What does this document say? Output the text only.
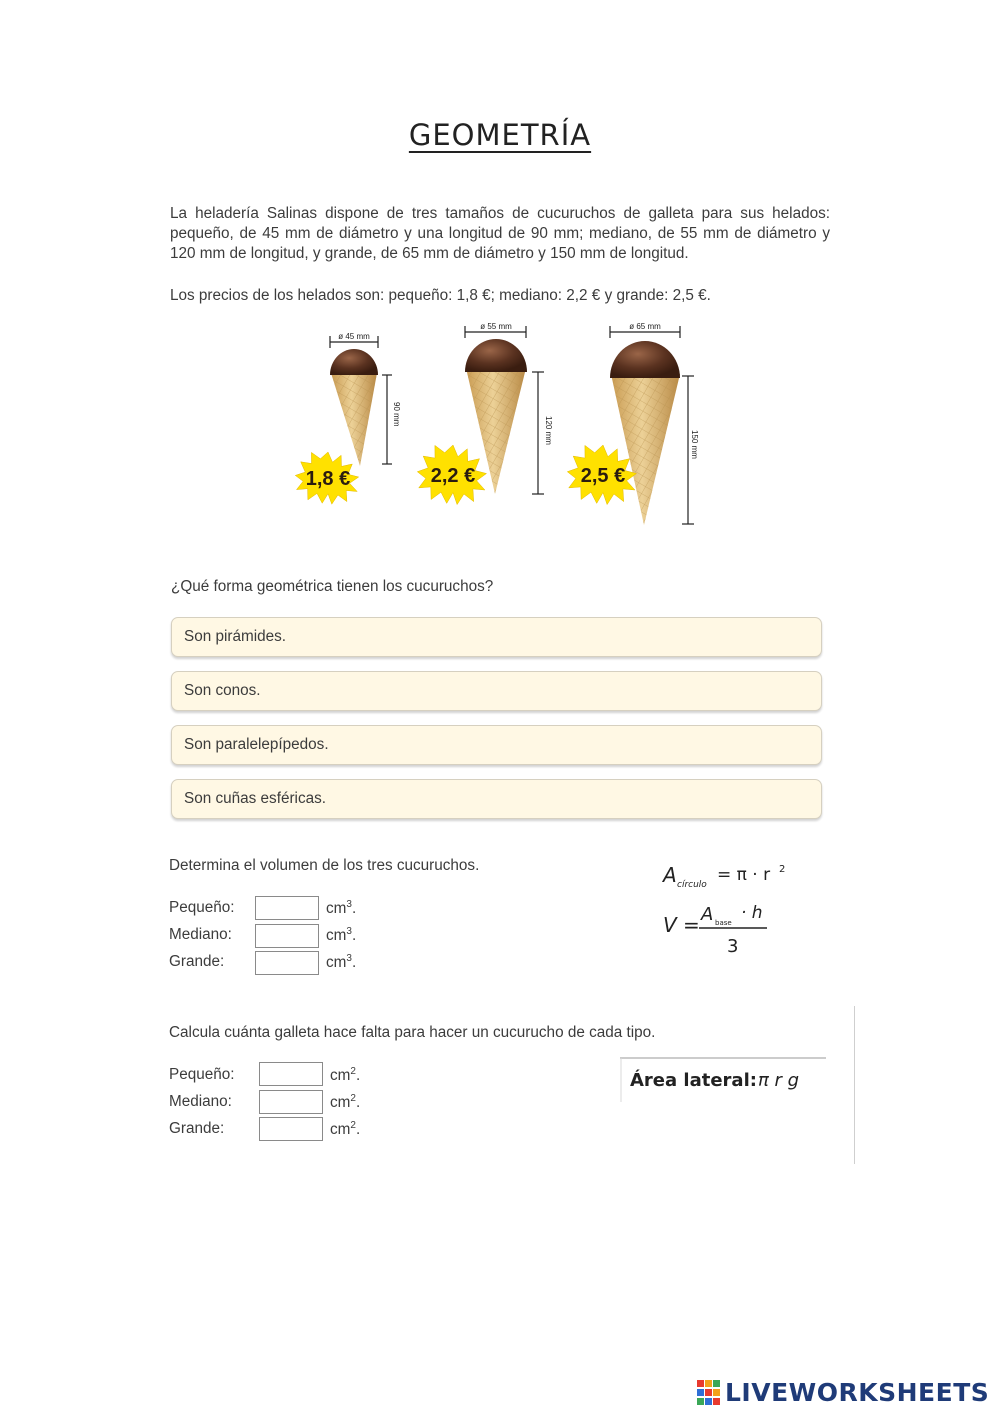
GEOMETRÍA
La heladería Salinas dispone de tres tamaños de cucuruchos de galleta para sus helados: pequeño, de 45 mm de diámetro y una longitud de 90 mm; mediano, de 55 mm de diámetro y 120 mm de longitud, y grande, de 65 mm de diámetro y 150 mm de longitud.
Los precios de los helados son: pequeño: 1,8 €; mediano: 2,2 € y grande: 2,5 €.
ø 45 mm
90 mm
1,8 €
ø 55 mm
120 mm
2,2 €
ø 65 mm
150 mm
2,5 €
¿Qué forma geométrica tienen los cucuruchos?
Son pirámides.
Son conos.
Son paralelepípedos.
Son cuñas esféricas.
Determina el volumen de los tres cucuruchos.
Pequeño:	$cm^3$.
Mediano:	$cm^3$.
Grande:	$cm^3$.
A círculo = π · r 2
V = A base · h
3
Calcula cuánta galleta hace falta para hacer un cucurucho de cada tipo.
Pequeño:	$cm^2$.
Mediano:	$cm^2$.
Grande:	$cm^2$.
Área lateral: π r g
LIVEWORKSHEETS
